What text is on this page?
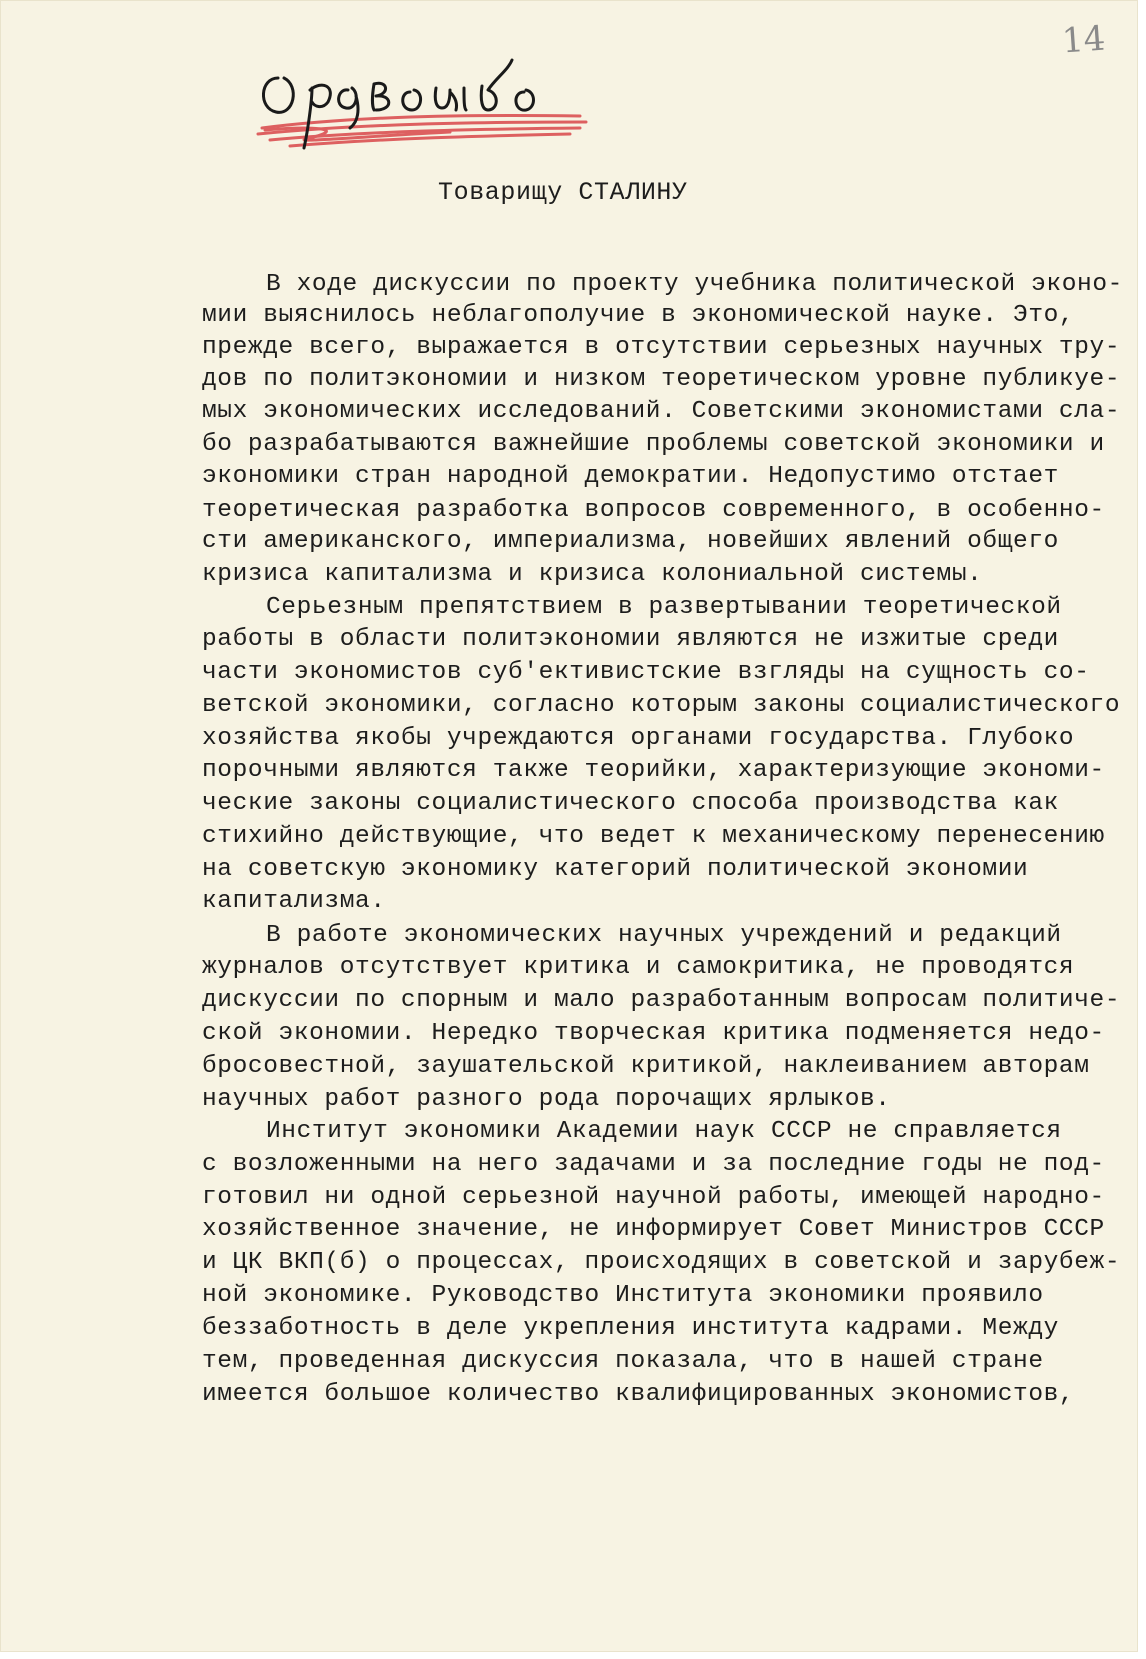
14
Товарищу СТАЛИНУ

В ходе дискуссии по проекту учебника политической эконо-

мии выяснилось неблагополучие в экономической науке. Это,

прежде всего, выражается в отсутствии серьезных научных тру-

дов по политэкономии и низком теоретическом уровне публикуе-

мых экономических исследований. Советскими экономистами сла-

бо разрабатываются важнейшие проблемы советской экономики и

экономики стран народной демократии. Недопустимо отстает

теоретическая разработка вопросов современного, в особенно-

сти американского, империализма, новейших явлений общего

кризиса капитализма и кризиса колониальной системы.

Серьезным препятствием в развертывании теоретической

работы в области политэкономии являются не изжитые среди

части экономистов суб'ективистские взгляды на сущность со-

ветской экономики, согласно которым законы социалистического

хозяйства якобы учреждаются органами государства. Глубоко

порочными являются также теорийки, характеризующие экономи-

ческие законы социалистического способа производства как

стихийно действующие, что ведет к механическому перенесению

на советскую экономику категорий политической экономии

капитализма.

В работе экономических научных учреждений и редакций

журналов отсутствует критика и самокритика, не проводятся

дискуссии по спорным и мало разработанным вопросам политиче-

ской экономии. Нередко творческая критика подменяется недо-

бросовестной, заушательской критикой, наклеиванием авторам

научных работ разного рода порочащих ярлыков.

Институт экономики Академии наук СССР не справляется

с возложенными на него задачами и за последние годы не под-

готовил ни одной серьезной научной работы, имеющей народно-

хозяйственное значение, не информирует Совет Министров СССР

и ЦК ВКП(б) о процессах, происходящих в советской и зарубеж-

ной экономике. Руководство Института экономики проявило

беззаботность в деле укрепления института кадрами. Между

тем, проведенная дискуссия показала, что в нашей стране

имеется большое количество квалифицированных экономистов,
